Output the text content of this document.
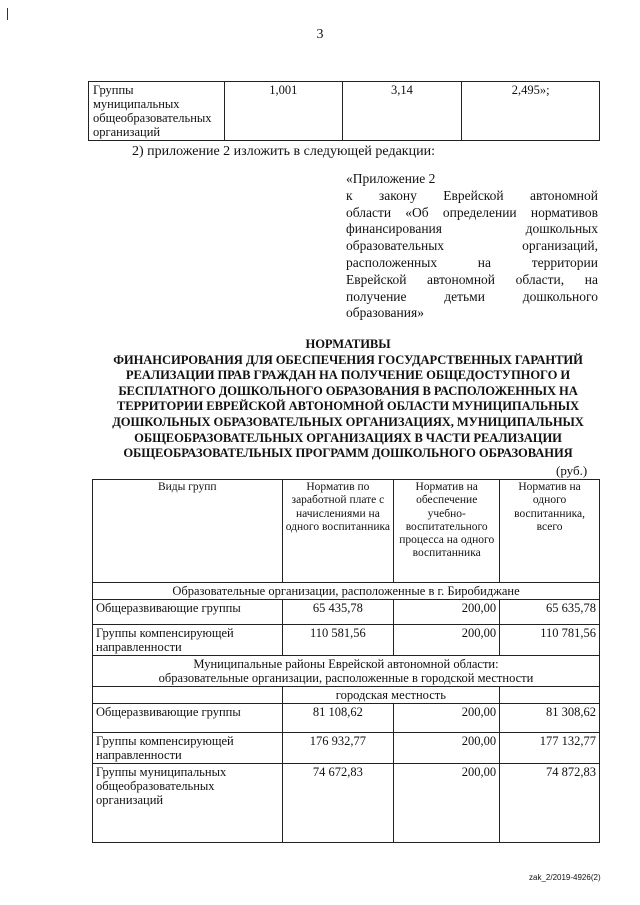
3
Группы муниципальных общеобразовательных организаций	1,001	3,14	2,495»;
2) приложение 2 изложить в следующей редакции:
«Приложение 2
к закону Еврейской автономной
области «Об определении нормативов
финансирования дошкольных
образовательных организаций,
расположенных на территории
Еврейской автономной области, на
получение детьми дошкольного
образования»
НОРМАТИВЫ
ФИНАНСИРОВАНИЯ ДЛЯ ОБЕСПЕЧЕНИЯ ГОСУДАРСТВЕННЫХ ГАРАНТИЙ
РЕАЛИЗАЦИИ ПРАВ ГРАЖДАН НА ПОЛУЧЕНИЕ ОБЩЕДОСТУПНОГО И
БЕСПЛАТНОГО ДОШКОЛЬНОГО ОБРАЗОВАНИЯ В РАСПОЛОЖЕННЫХ НА
ТЕРРИТОРИИ ЕВРЕЙСКОЙ АВТОНОМНОЙ ОБЛАСТИ МУНИЦИПАЛЬНЫХ
ДОШКОЛЬНЫХ ОБРАЗОВАТЕЛЬНЫХ ОРГАНИЗАЦИЯХ, МУНИЦИПАЛЬНЫХ
ОБЩЕОБРАЗОВАТЕЛЬНЫХ ОРГАНИЗАЦИЯХ В ЧАСТИ РЕАЛИЗАЦИИ
ОБЩЕОБРАЗОВАТЕЛЬНЫХ ПРОГРАММ ДОШКОЛЬНОГО ОБРАЗОВАНИЯ
(руб.)
Виды групп	Норматив по заработной плате с начислениями на одного воспитанника	Норматив на обеспечение учебно-воспитательного процесса на одного воспитанника	Норматив на одного воспитанника, всего
Образовательные организации, расположенные в г. Биробиджане			
Общеразвивающие группы	65 435,78	200,00	65 635,78
Группы компенсирующей направленности	110 581,56	200,00	110 781,56

Муниципальные районы Еврейской автономной области:
образовательные организации, расположенные в городской местности			

	городская местность		
Общеразвивающие группы	81 108,62	200,00	81 308,62
Группы компенсирующей направленности	176 932,77	200,00	177 132,77
Группы муниципальных общеобразовательных организаций	74 672,83	200,00	74 872,83
zak_2/2019-4926(2)
